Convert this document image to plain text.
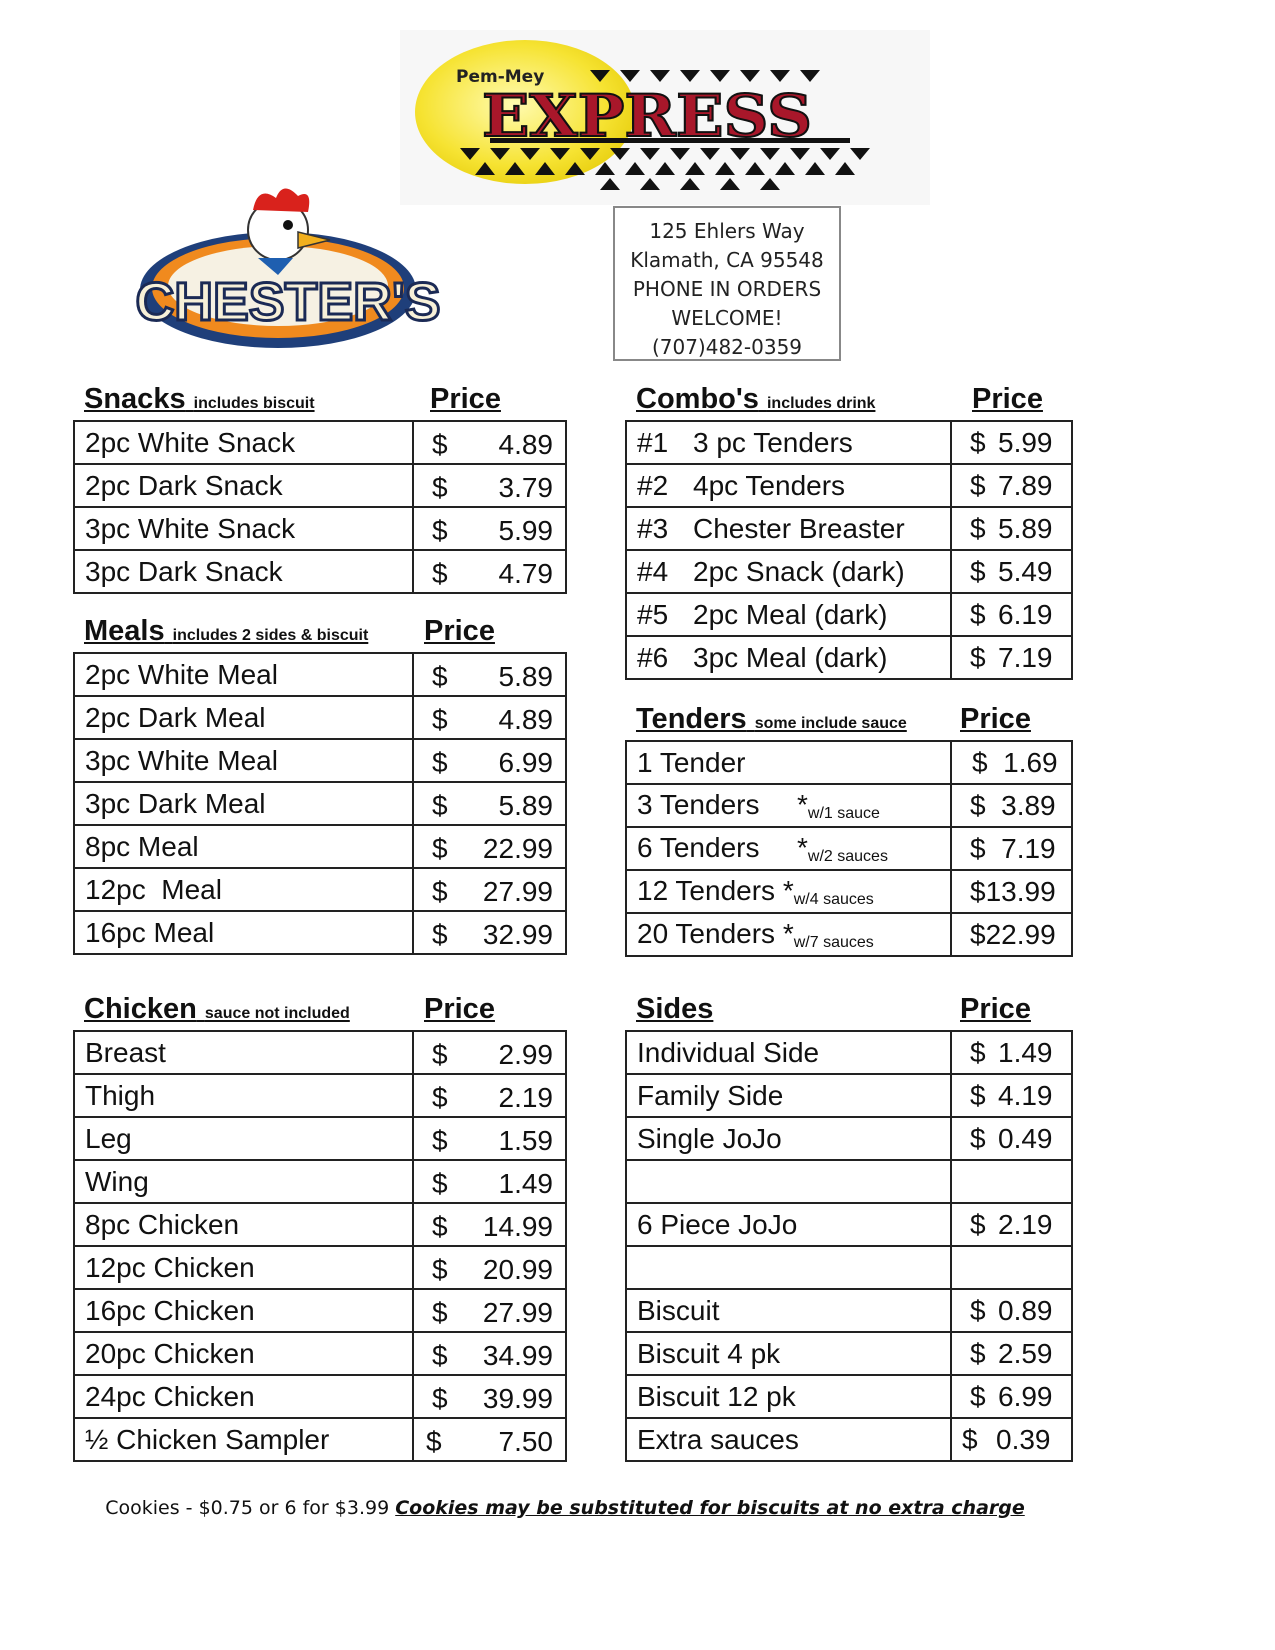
Pem-Mey
EXPRESS
CHESTER'S
125 Ehlers Way
Klamath, CA 95548
PHONE IN ORDERS
WELCOME!
(707)482-0359
Snacks includes biscuit	Price
2pc White Snack	$ 4.89

2pc Dark Snack	$ 3.79

3pc White Snack	$ 5.99

3pc Dark Snack	$ 4.79
Meals includes 2 sides & biscuit Price
2pc White Meal	$ 5.89

2pc Dark Meal	$ 4.89

3pc White Meal	$ 6.99

3pc Dark Meal	$ 5.89

8pc Meal	$ 22.99

12pc  Meal	$ 27.99

16pc Meal	$ 32.99
Chicken sauce not included	Price
Breast	$ 2.99

Thigh	$ 2.19

Leg	$ 1.59

Wing	$ 1.49

8pc Chicken	$ 14.99

12pc Chicken	$ 20.99

16pc Chicken	$ 27.99

20pc Chicken	$ 34.99

24pc Chicken	$ 39.99

½ Chicken Sampler	$ 7.50
Combo's includes drink	Price
#1 3 pc Tenders	$ 5.99
#2 4pc Tenders	$ 7.89
#3 Chester Breaster	$ 5.89
#4 2pc Snack (dark)	$ 5.49
#5 2pc Meal (dark)	$ 6.19
#6 3pc Meal (dark)	$ 7.19
Tenders some include sauce Price
1 Tender	$  1.69
3 Tenders *w/1 sauce	$  3.89
6 Tenders *w/2 sauces	$  7.19
12 Tenders *w/4 sauces	$13.99
20 Tenders *w/7 sauces	$22.99
Sides	Price
Individual Side	$ 1.49
Family Side	$ 4.19
Single JoJo	$ 0.49

6 Piece JoJo	$ 2.19

Biscuit	$ 0.89
Biscuit 4 pk	$ 2.59
Biscuit 12 pk	$ 6.99
Extra sauces	$ 0.39
Cookies - $0.75 or 6 for $3.99 Cookies may be substituted for biscuits at no extra charge
